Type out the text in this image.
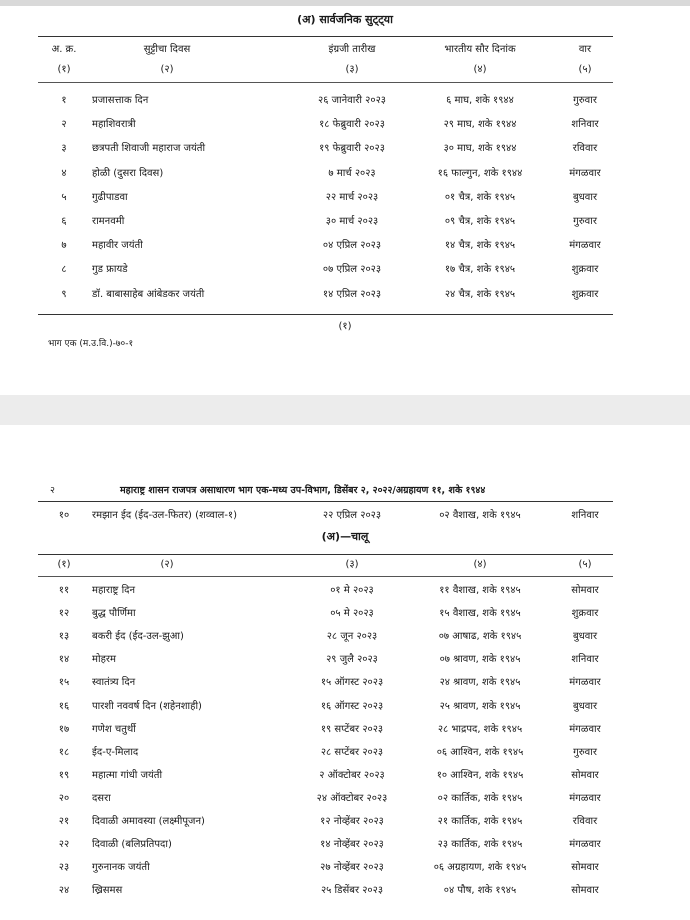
(अ) सार्वजनिक सुट्ट्या
अ. क्र.	सुट्टीचा दिवस	इंग्रजी तारीख	भारतीय सौर दिनांक	वार
(१)	(२)	(३)	(४)	(५)
१	प्रजासत्ताक दिन	२६ जानेवारी २०२३	६ माघ, शके १९४४	गुरुवार
२	महाशिवरात्री	१८ फेब्रुवारी २०२३	२९ माघ, शके १९४४	शनिवार
३	छत्रपती शिवाजी महाराज जयंती	१९ फेब्रुवारी २०२३	३० माघ, शके १९४४	रविवार
४	होळी (दुसरा दिवस)	७ मार्च २०२३	१६ फाल्गुन, शके १९४४	मंगळवार
५	गुढीपाडवा	२२ मार्च २०२३	०१ चैत्र, शके १९४५	बुधवार
६	रामनवमी	३० मार्च २०२३	०९ चैत्र, शके १९४५	गुरुवार
७	महावीर जयंती	०४ एप्रिल २०२३	१४ चैत्र, शके १९४५	मंगळवार
८	गुड फ्रायडे	०७ एप्रिल २०२३	१७ चैत्र, शके १९४५	शुक्रवार
९	डॉ. बाबासाहेब आंबेडकर जयंती	१४ एप्रिल २०२३	२४ चैत्र, शके १९४५	शुक्रवार
(१)
भाग एक (म.उ.वि.)-७०-१
२	महाराष्ट्र शासन राजपत्र असाधारण भाग एक-मध्य उप-विभाग, डिसेंबर २, २०२२/अग्रहायण ११, शके १९४४
१०	रमझान ईद (ईद-उल-फितर) (शव्वाल-१)	२२ एप्रिल २०२३	०२ वैशाख, शके १९४५	शनिवार
(अ)—चालू
(१)	(२)	(३)	(४)	(५)
११	महाराष्ट्र दिन	०१ मे २०२३	११ वैशाख, शके १९४५	सोमवार
१२	बुद्ध पौर्णिमा	०५ मे २०२३	१५ वैशाख, शके १९४५	शुक्रवार
१३	बकरी ईद (ईद-उल-झुआ)	२८ जून २०२३	०७ आषाढ, शके १९४५	बुधवार
१४	मोहरम	२९ जुलै २०२३	०७ श्रावण, शके १९४५	शनिवार
१५	स्वातंत्र्य दिन	१५ ऑगस्ट २०२३	२४ श्रावण, शके १९४५	मंगळवार
१६	पारशी नववर्ष दिन (शहेनशाही)	१६ ऑगस्ट २०२३	२५ श्रावण, शके १९४५	बुधवार
१७	गणेश चतुर्थी	१९ सप्टेंबर २०२३	२८ भाद्रपद, शके १९४५	मंगळवार
१८	ईद-ए-मिलाद	२८ सप्टेंबर २०२३	०६ आश्विन, शके १९४५	गुरुवार
१९	महात्मा गांधी जयंती	२ ऑक्टोबर २०२३	१० आश्विन, शके १९४५	सोमवार
२०	दसरा	२४ ऑक्टोबर २०२३	०२ कार्तिक, शके १९४५	मंगळवार
२१	दिवाळी अमावस्या (लक्ष्मीपूजन)	१२ नोव्हेंबर २०२३	२१ कार्तिक, शके १९४५	रविवार
२२	दिवाळी (बलिप्रतिपदा)	१४ नोव्हेंबर २०२३	२३ कार्तिक, शके १९४५	मंगळवार
२३	गुरुनानक जयंती	२७ नोव्हेंबर २०२३	०६ अग्रहायण, शके १९४५	सोमवार
२४	ख्रिसमस	२५ डिसेंबर २०२३	०४ पौष, शके १९४५	सोमवार
